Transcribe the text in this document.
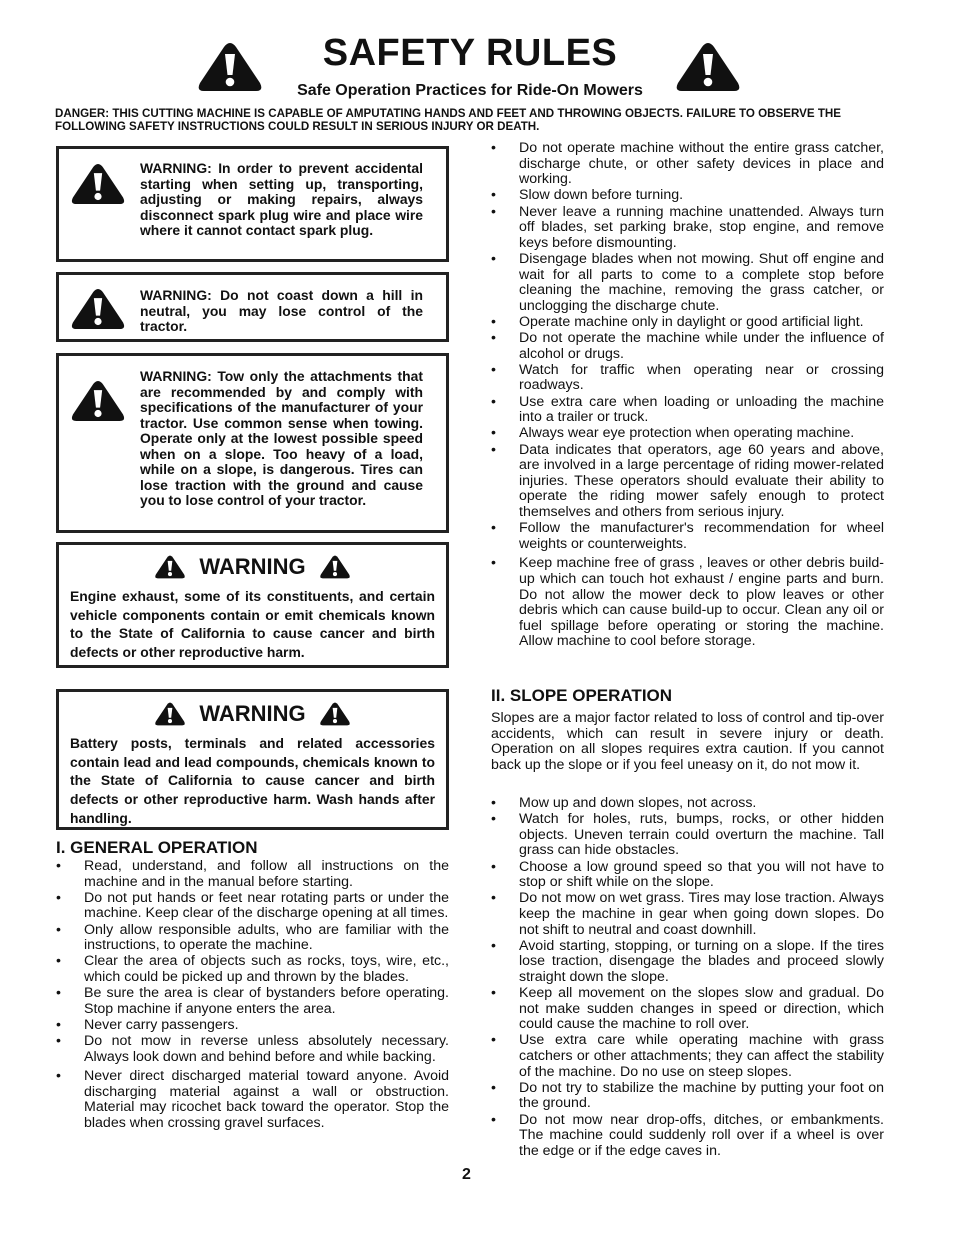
SAFETY RULES

Safe Operation Practices for Ride-On Mowers

DANGER: THIS CUTTING MACHINE IS CAPABLE OF AMPUTATING HANDS AND FEET AND THROWING OBJECTS. FAILURE TO OBSERVE THE FOLLOWING SAFETY INSTRUCTIONS COULD RESULT IN SERIOUS INJURY OR DEATH.

WARNING: In order to prevent accidental starting when setting up, transporting, adjusting or making repairs, always disconnect spark plug wire and place wire where it cannot contact spark plug.

WARNING: Do not coast down a hill in neutral, you may lose control of the tractor.

WARNING: Tow only the attachments that are recommended by and comply with specifications of the manufacturer of your tractor. Use common sense when towing. Operate only at the lowest possible speed when on a slope. Too heavy of a load, while on a slope, is dangerous. Tires can lose traction with the ground and cause you to lose control of your tractor.

WARNING

Engine exhaust, some of its constituents, and certain vehicle components contain or emit chemicals known to the State of California to cause cancer and birth defects or other reproductive harm.

WARNING

Battery posts, terminals and related accessories contain lead and lead compounds, chemicals known to the State of California to cause cancer and birth defects or other reproductive harm. Wash hands after handling.

I. GENERAL OPERATION
• Read, understand, and follow all instructions on the machine and in the manual before starting.
• Do not put hands or feet near rotating parts or under the machine. Keep clear of the discharge opening at all times.
• Only allow responsible adults, who are familiar with the instructions, to operate the machine.
• Clear the area of objects such as rocks, toys, wire, etc., which could be picked up and thrown by the blades.
• Be sure the area is clear of bystanders before operating. Stop machine if anyone enters the area.
• Never carry passengers.
• Do not mow in reverse unless absolutely necessary. Always look down and behind before and while backing.
• Never direct discharged material toward anyone. Avoid discharging material against a wall or obstruction. Material may ricochet back toward the operator. Stop the blades when crossing gravel surfaces.
• Do not operate machine without the entire grass catcher, discharge chute, or other safety devices in place and working.
• Slow down before turning.
• Never leave a running machine unattended. Always turn off blades, set parking brake, stop engine, and remove keys before dismounting.
• Disengage blades when not mowing. Shut off engine and wait for all parts to come to a complete stop before cleaning the machine, removing the grass catcher, or unclogging the discharge chute.
• Operate machine only in daylight or good artificial light.
• Do not operate the machine while under the influence of alcohol or drugs.
• Watch for traffic when operating near or crossing roadways.
• Use extra care when loading or unloading the machine into a trailer or truck.
• Always wear eye protection when operating machine.
• Data indicates that operators, age 60 years and above, are involved in a large percentage of riding mower-related injuries. These operators should evaluate their ability to operate the riding mower safely enough to protect themselves and others from serious injury.
• Follow the manufacturer's recommendation for wheel weights or counterweights.
• Keep machine free of grass , leaves or other debris build-up which can touch hot exhaust / engine parts and burn. Do not allow the mower deck to plow leaves or other debris which can cause build-up to occur. Clean any oil or fuel spillage before operating or storing the machine. Allow machine to cool before storage.
II. SLOPE OPERATION

Slopes are a major factor related to loss of control and tip-over accidents, which can result in severe injury or death. Operation on all slopes requires extra caution. If you cannot back up the slope or if you feel uneasy on it, do not mow it.

• Mow up and down slopes, not across.
• Watch for holes, ruts, bumps, rocks, or other hidden objects. Uneven terrain could overturn the machine. Tall grass can hide obstacles.
• Choose a low ground speed so that you will not have to stop or shift while on the slope.
• Do not mow on wet grass. Tires may lose traction. Always keep the machine in gear when going down slopes. Do not shift to neutral and coast downhill.
• Avoid starting, stopping, or turning on a slope. If the tires lose traction, disengage the blades and proceed slowly straight down the slope.
• Keep all movement on the slopes slow and gradual. Do not make sudden changes in speed or direction, which could cause the machine to roll over.
• Use extra care while operating machine with grass catchers or other attachments; they can affect the stability of the machine. Do no use on steep slopes.
• Do not try to stabilize the machine by putting your foot on the ground.
• Do not mow near drop-offs, ditches, or embankments. The machine could suddenly roll over if a wheel is over the edge or if the edge caves in.
2
